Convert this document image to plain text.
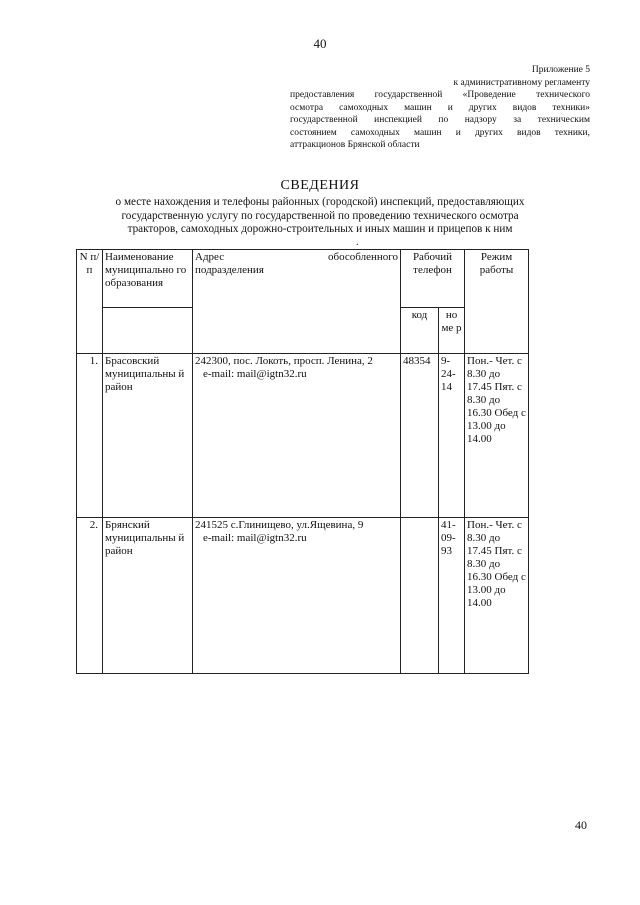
40
Приложение 5
к административному регламенту
предоставления государственной «Проведение технического
осмотра самоходных машин и других видов техники»
государственной инспекцией по надзору за техническим
состоянием самоходных машин и других видов техники,
аттракционов Брянской области
СВЕДЕНИЯ
о месте нахождения и телефоны районных (городской) инспекций, предоставляющих
государственную услугу по государственной по проведению технического осмотра
тракторов, самоходных дорожно-строительных и иных машин и прицепов к ним
.
N п/п	Наименование муниципально го образования	Адрес обособленного
подразделения	Рабочий телефон		Режим работы
			код	но ме р	
1.	Брасовский муниципальны й район	242300, пос. Локоть, просп. Ленина, 2
e-mail: mail@igtn32.ru	48354	9- 24- 14	Пон.- Чет. с 8.30 до 17.45 Пят. с 8.30 до 16.30 Обед с 13.00 до 14.00
2.	Брянский муниципальны й район	241525 с.Глинищево, ул.Ящевина, 9
e-mail: mail@igtn32.ru		41- 09- 93	Пон.- Чет. с 8.30 до 17.45 Пят. с 8.30 до 16.30 Обед с 13.00 до 14.00
40
